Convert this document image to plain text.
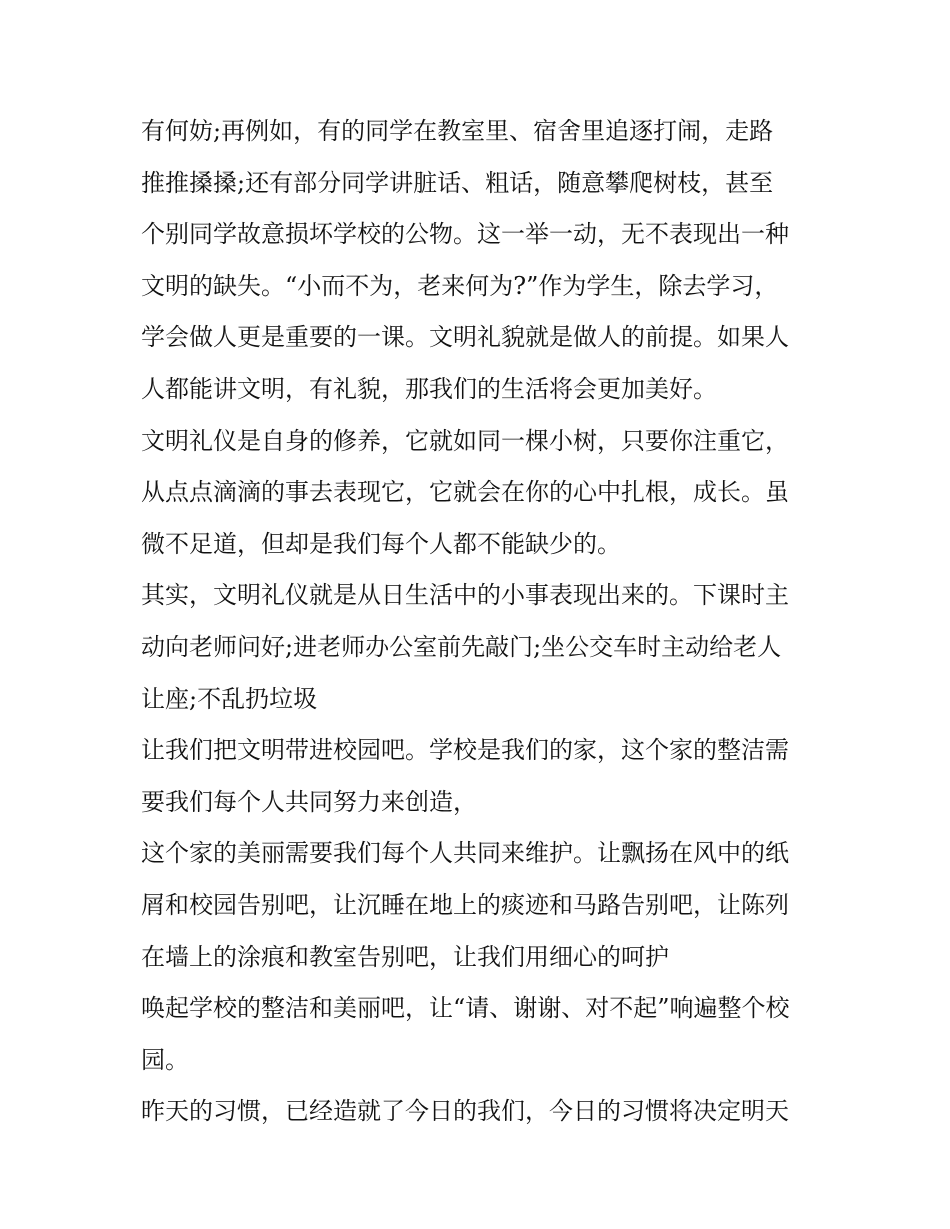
有何妨;再例如，有的同学在教室里、宿舍里追逐打闹，走路
推推搡搡;还有部分同学讲脏话、粗话，随意攀爬树枝，甚至
个别同学故意损坏学校的公物。这一举一动，无不表现出一种
文明的缺失。“小而不为，老来何为?”作为学生，除去学习，
学会做人更是重要的一课。文明礼貌就是做人的前提。如果人
人都能讲文明，有礼貌，那我们的生活将会更加美好。
文明礼仪是自身的修养，它就如同一棵小树，只要你注重它，
从点点滴滴的事去表现它，它就会在你的心中扎根，成长。虽
微不足道，但却是我们每个人都不能缺少的。
其实，文明礼仪就是从日生活中的小事表现出来的。下课时主
动向老师问好;进老师办公室前先敲门;坐公交车时主动给老人
让座;不乱扔垃圾
让我们把文明带进校园吧。学校是我们的家，这个家的整洁需
要我们每个人共同努力来创造，
这个家的美丽需要我们每个人共同来维护。让飘扬在风中的纸
屑和校园告别吧，让沉睡在地上的痰迹和马路告别吧，让陈列
在墙上的涂痕和教室告别吧，让我们用细心的呵护
唤起学校的整洁和美丽吧，让“请、谢谢、对不起”响遍整个校
园。
昨天的习惯，已经造就了今日的我们，今日的习惯将决定明天
